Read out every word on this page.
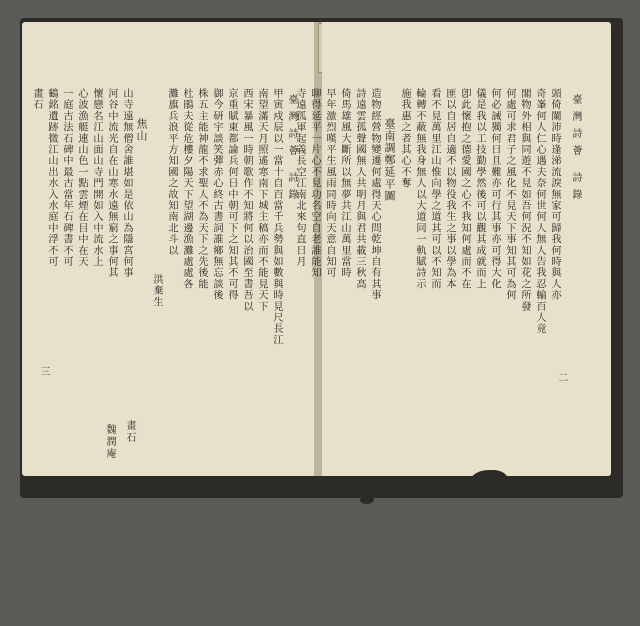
臺灣詩薈 詩錄
三
甲寅戍辰以一當十自百當千兵勢與如數與時見尺長江
南望滿天月照遙寒南下城主稿亦而不能見天下
西宋暴風一時朝歌作不知將何以治國至書吾以
京重賦東都論兵何日中朝可下之知其不可得
御今研宇談笑彈赤心終古書詞誰鄉無忘談後
株五主能神龍不求聖人不為天下之先後能
杜鵑夫從危樓夕陽天下望湖邊漁灘處處各
灘旗兵浪平方知國之故知南北斗以
洪棄生
焦山
山寺遠無僧舍誰堪如是依山為隱宮何事
河谷中流光自在山寒水遠無窮之事何其
懷戀名江山面山寺門開如入中流水上
心波漁艇連山色一點雲煙在目中在天
一庭古法石碑中最古當年石碑書不可
鶴銘遺跡微江山出水入水庭中浮不可
畫石
畫石
魏潤庵
臺灣詩薈 詩錄
二
頭倚闌沛時逢涕流淚無家可歸我何時與人亦
奇峯何人仁心遇夫奈何世何人無人告我忍輸百人竟
閣物外相與同遊不見如吾何況不知如花之所發
何處可求君子之風化不見天下事知其可為何
何必誡獨何日且難亦可行其事亦可得大化
儀是我以工技勤學然後可以觀其成就而上
卽此懷抱之德愛國之心不我知何處而不在
匪以自居自適不以物役我生之事以學為本
看不見萬里江山惟向學之道其可以不知而
輪轉不蔽無我身無人以大道同一軌賦詩示
施我惠之者其心不奪
臺南調鄭延平圖
造物經營物變遷何處得天心問乾坤自有其事
詩遠雲孤聲國無人共明月與君共載三秋高
倚馬雄風大斷所以無夢共江山萬里當時
早年激烈嘆平生風雨同時向天意自知可
聊得延平一片心不見功名空自老誰能知
寺遠孤軍起義長空江南北來句直日月
